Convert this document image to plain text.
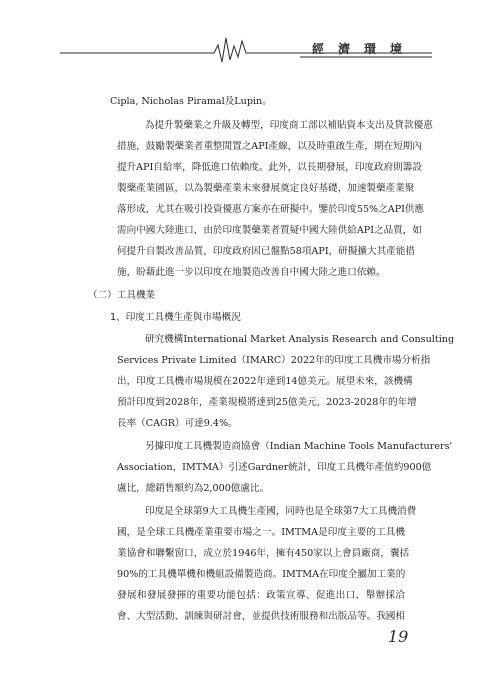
經濟環境
Cipla, Nicholas Piramal及Lupin。
為提升製藥業之升級及轉型，印度商工部以補貼資本支出及貸款優惠
措施，鼓勵製藥業者重整閒置之API產線，以及時重啟生產，期在短期內
提升API自給率，降低進口依賴度。此外，以長期發展，印度政府則籌設
製藥產業園區，以為製藥產業未來發展奠定良好基礎，加速製藥產業聚
落形成，尤其在吸引投資優惠方案亦在研擬中。鑒於印度55%之API供應
需向中國大陸進口，由於印度製藥業者質疑中國大陸供給API之品質，如
何提升自製改善品質，印度政府因已盤點58項API，研擬擴大其產能措
施，盼藉此進一步以印度在地製造改善自中國大陸之進口依賴。
（二）工具機業
1、印度工具機生產與市場概況
研究機構International Market Analysis Research and Consulting
Services Private Limited（IMARC）2022年的印度工具機市場分析指
出，印度工具機市場規模在2022年達到14億美元。展望未來，該機構
預計印度到2028年，產業規模將達到25億美元，2023-2028年的年增
長率（CAGR）可達9.4%。
另據印度工具機製造商協會（Indian Machine Tools Manufacturers'
Association，IMTMA）引述Gardner統計，印度工具機年產值約900億
盧比，總銷售額約為2,000億盧比。
印度是全球第9大工具機生產國，同時也是全球第7大工具機消費
國，是全球工具機產業重要市場之一。IMTMA是印度主要的工具機
業協會和聯繫窗口，成立於1946年，擁有450家以上會員廠商，囊括
90%的工具機單機和機組設備製造商。IMTMA在印度全屬加工業的
發展和發展發揮的重要功能包括：政策宣導、促進出口、舉辦採洽
會、大型活動、訓練與研討會，並提供技術服務和出版品等。我國相
19
